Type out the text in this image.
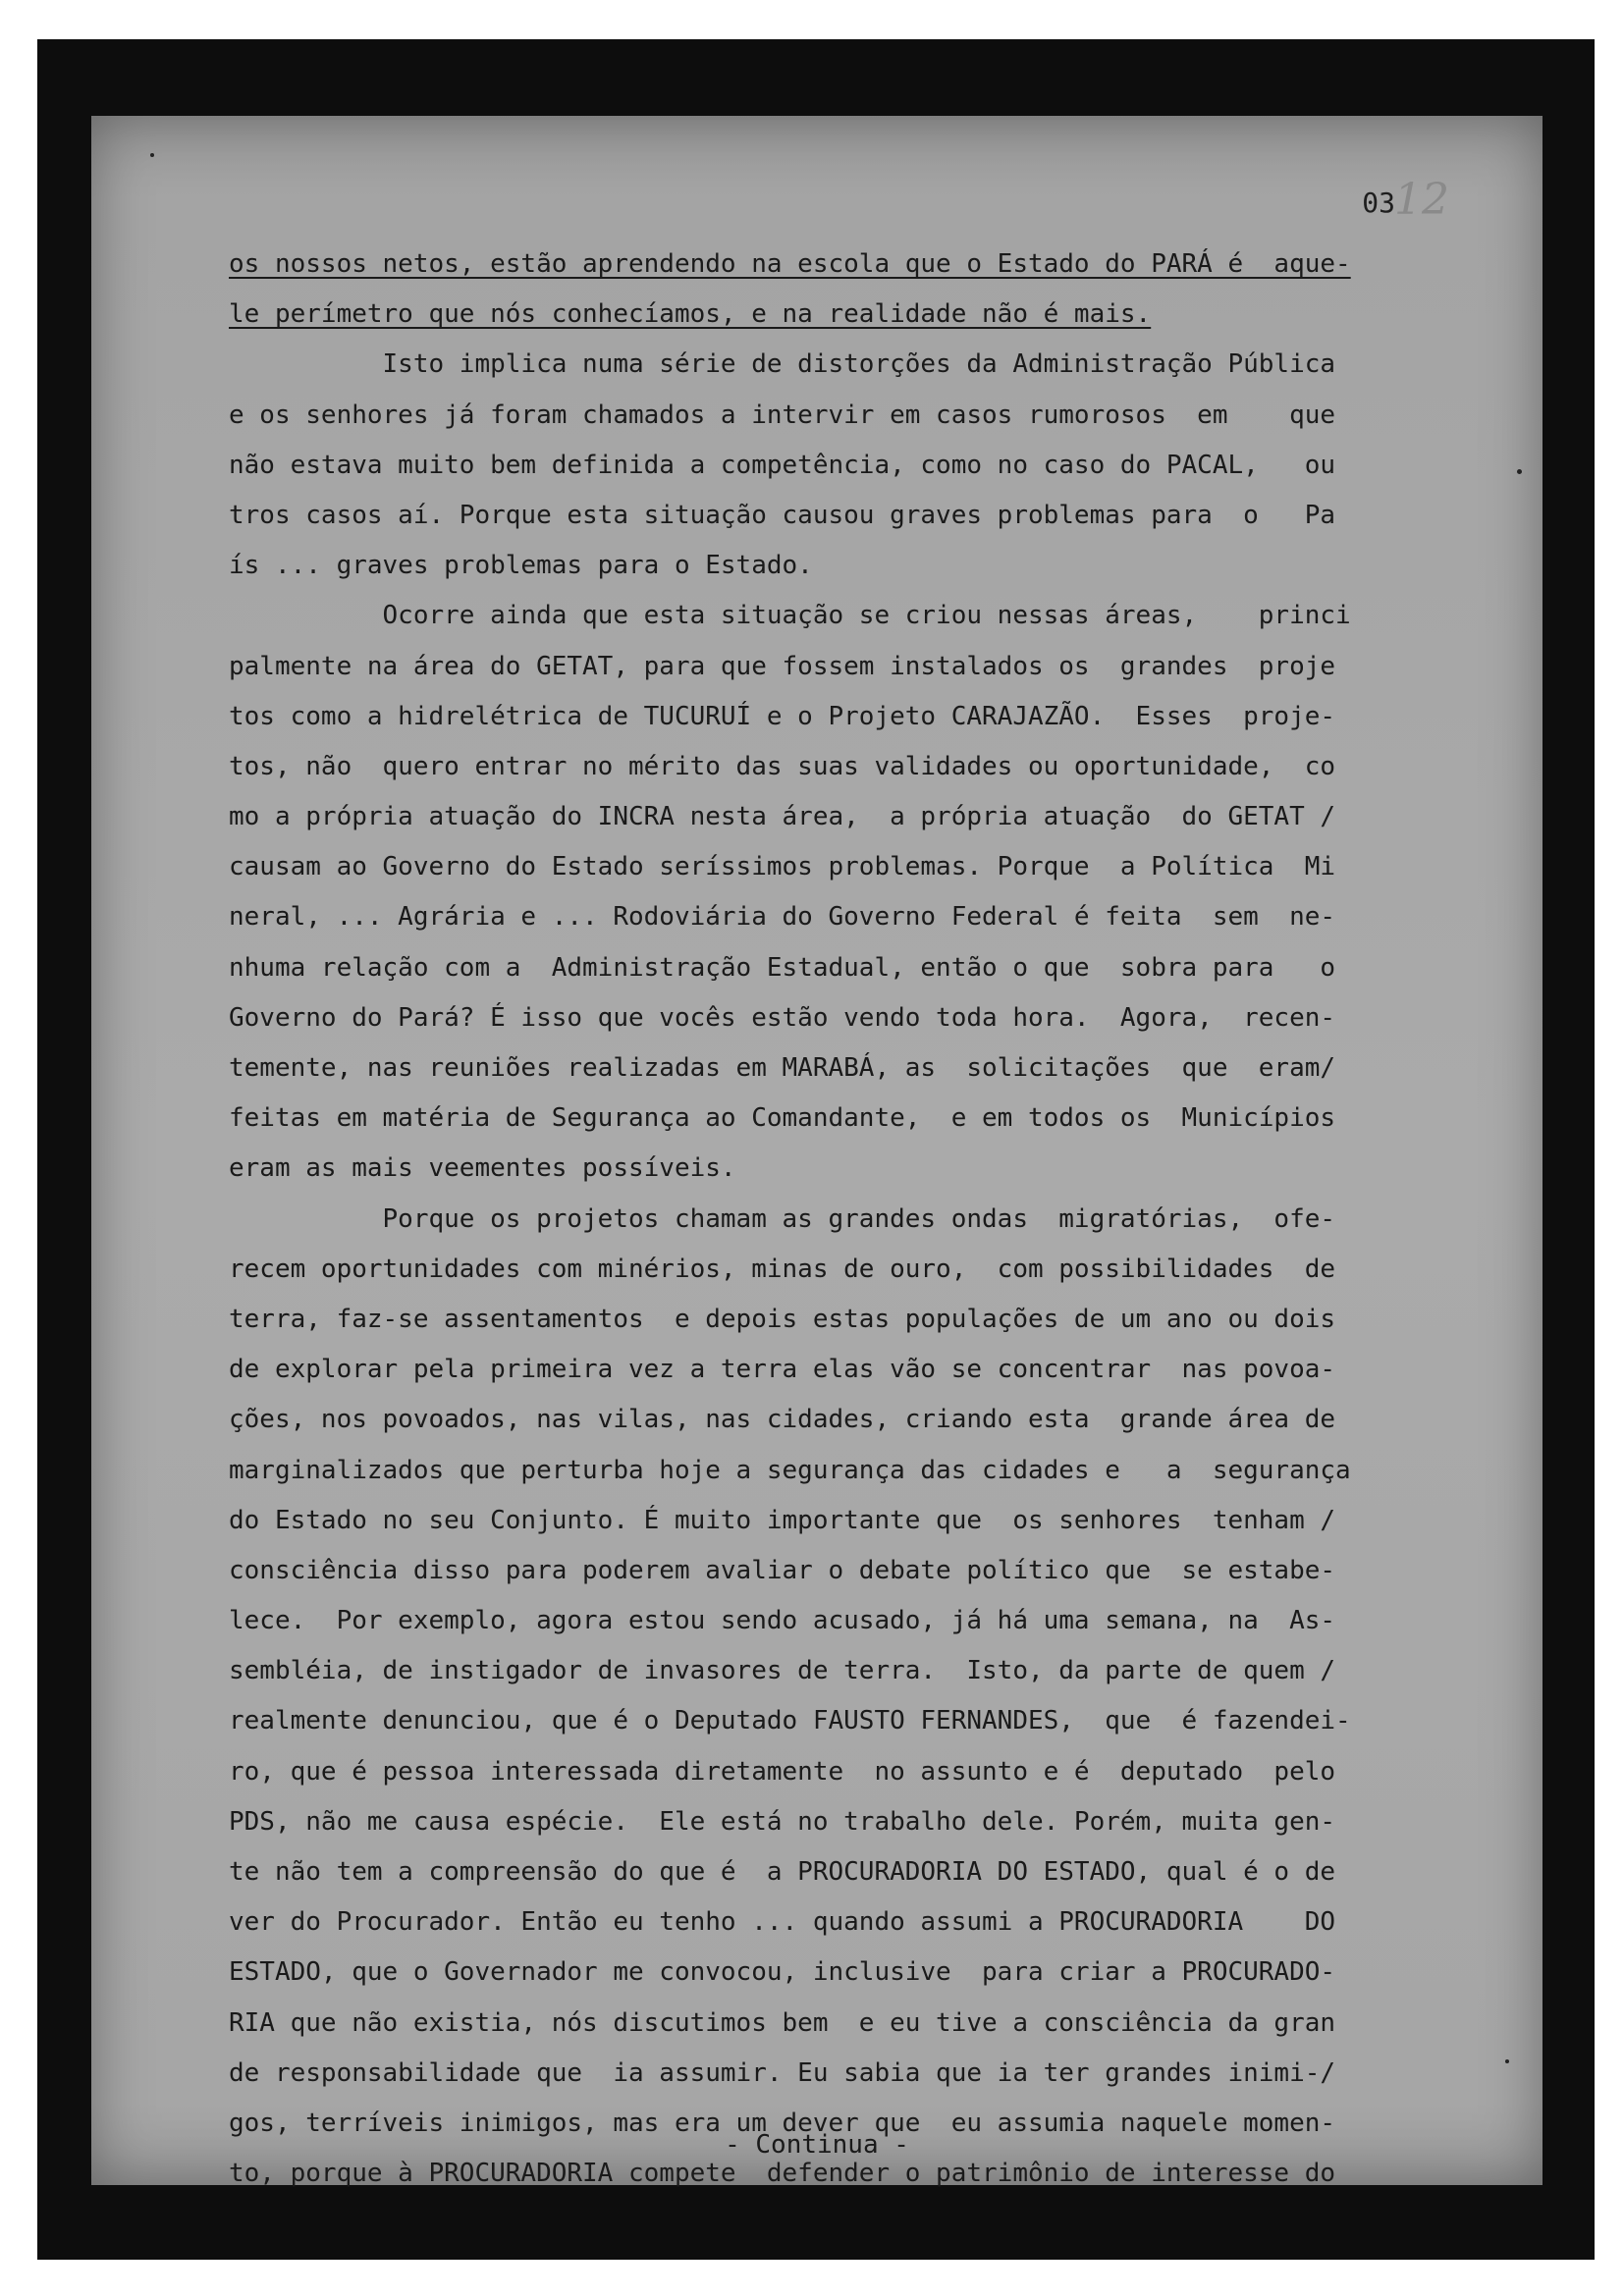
03 12
os nossos netos, estão aprendendo na escola que o Estado do PARÁ é  aque-
le perímetro que nós conhecíamos, e na realidade não é mais.
Isto implica numa série de distorções da Administração Pública
e os senhores já foram chamados a intervir em casos rumorosos  em    que
não estava muito bem definida a competência, como no caso do PACAL,   ou
tros casos aí. Porque esta situação causou graves problemas para  o   Pa
ís ... graves problemas para o Estado.
Ocorre ainda que esta situação se criou nessas áreas,    princi
palmente na área do GETAT, para que fossem instalados os  grandes  proje
tos como a hidrelétrica de TUCURUÍ e o Projeto CARAJAZÃO.  Esses  proje-
tos, não  quero entrar no mérito das suas validades ou oportunidade,  co
mo a própria atuação do INCRA nesta área,  a própria atuação  do GETAT /
causam ao Governo do Estado seríssimos problemas. Porque  a Política  Mi
neral, ... Agrária e ... Rodoviária do Governo Federal é feita  sem  ne-
nhuma relação com a  Administração Estadual, então o que  sobra para   o
Governo do Pará? É isso que vocês estão vendo toda hora.  Agora,  recen-
temente, nas reuniões realizadas em MARABÁ, as  solicitações  que  eram/
feitas em matéria de Segurança ao Comandante,  e em todos os  Municípios
eram as mais veementes possíveis.
Porque os projetos chamam as grandes ondas  migratórias,  ofe-
recem oportunidades com minérios, minas de ouro,  com possibilidades  de
terra, faz-se assentamentos  e depois estas populações de um ano ou dois
de explorar pela primeira vez a terra elas vão se concentrar  nas povoa-
ções, nos povoados, nas vilas, nas cidades, criando esta  grande área de
marginalizados que perturba hoje a segurança das cidades e   a  segurança
do Estado no seu Conjunto. É muito importante que  os senhores  tenham /
consciência disso para poderem avaliar o debate político que  se estabe-
lece.  Por exemplo, agora estou sendo acusado, já há uma semana, na  As-
sembléia, de instigador de invasores de terra.  Isto, da parte de quem /
realmente denunciou, que é o Deputado FAUSTO FERNANDES,  que  é fazendei-
ro, que é pessoa interessada diretamente  no assunto e é  deputado  pelo
PDS, não me causa espécie.  Ele está no trabalho dele. Porém, muita gen-
te não tem a compreensão do que é  a PROCURADORIA DO ESTADO, qual é o de
ver do Procurador. Então eu tenho ... quando assumi a PROCURADORIA    DO
ESTADO, que o Governador me convocou, inclusive  para criar a PROCURADO-
RIA que não existia, nós discutimos bem  e eu tive a consciência da gran
de responsabilidade que  ia assumir. Eu sabia que ia ter grandes inimi-/
gos, terríveis inimigos, mas era um dever que  eu assumia naquele momen-
to, porque à PROCURADORIA compete  defender o patrimônio de interesse do
- Continua -
